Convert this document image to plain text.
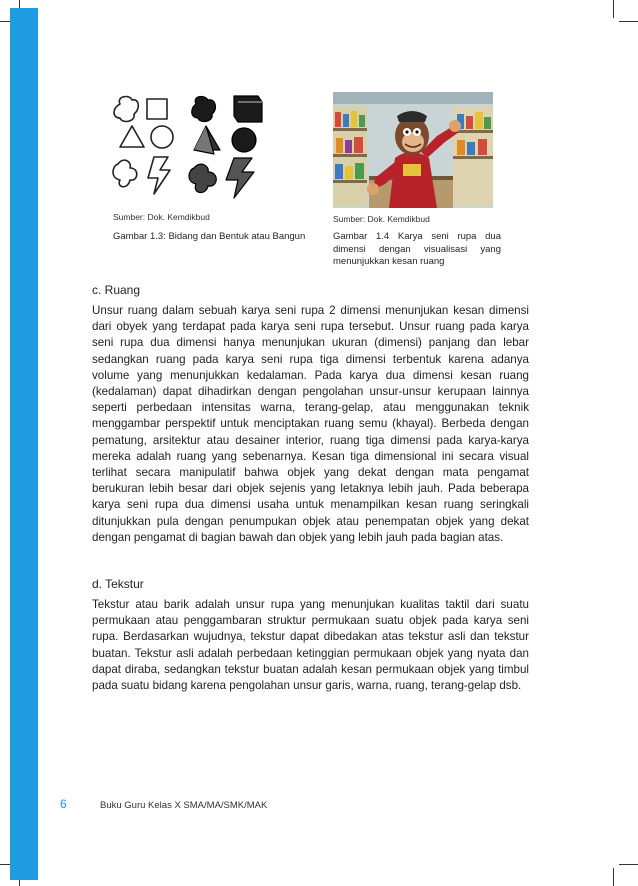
Sumber: Dok. Kemdikbud
Gambar 1.3: Bidang dan Bentuk atau Bangun
Sumber: Dok. Kemdikbud
Gambar 1.4 Karya seni rupa dua dimensi dengan visualisasi yang menunjukkan kesan ruang
c. Ruang

Unsur ruang dalam sebuah karya seni rupa 2 dimensi menunjukan kesan dimensi dari obyek yang terdapat pada karya seni rupa tersebut. Unsur ruang pada karya seni rupa dua dimensi hanya menunjukan ukuran (dimensi) panjang dan lebar sedangkan ruang pada karya seni rupa tiga dimensi terbentuk karena adanya volume yang menunjukkan kedalaman. Pada karya dua dimensi kesan ruang (kedalaman) dapat dihadirkan dengan pengolahan unsur-unsur kerupaan lainnya seperti perbedaan intensitas warna, terang-gelap, atau menggunakan teknik menggambar perspektif untuk menciptakan ruang semu (khayal). Berbeda dengan pematung, arsitektur atau desainer interior, ruang tiga dimensi pada karya-karya mereka adalah ruang yang sebenarnya. Kesan tiga dimensional ini secara visual terlihat secara manipulatif bahwa objek yang dekat dengan mata pengamat berukuran lebih besar dari objek sejenis yang letaknya lebih jauh. Pada beberapa karya seni rupa dua dimensi usaha untuk menampilkan kesan ruang seringkali ditunjukkan pula dengan penumpukan objek atau penempatan objek yang dekat dengan pengamat di bagian bawah dan objek yang lebih jauh pada bagian atas.

d. Tekstur

Tekstur atau barik adalah unsur rupa yang menunjukan kualitas taktil dari suatu permukaan atau penggambaran struktur permukaan suatu objek pada karya seni rupa. Berdasarkan wujudnya, tekstur dapat dibedakan atas tekstur asli dan tekstur buatan. Tekstur asli adalah perbedaan ketinggian permukaan objek yang nyata dan dapat diraba, sedangkan tekstur buatan adalah kesan permukaan objek yang timbul pada suatu bidang karena pengolahan unsur garis, warna, ruang, terang-gelap dsb.

6	Buku Guru Kelas X SMA/MA/SMK/MAK
